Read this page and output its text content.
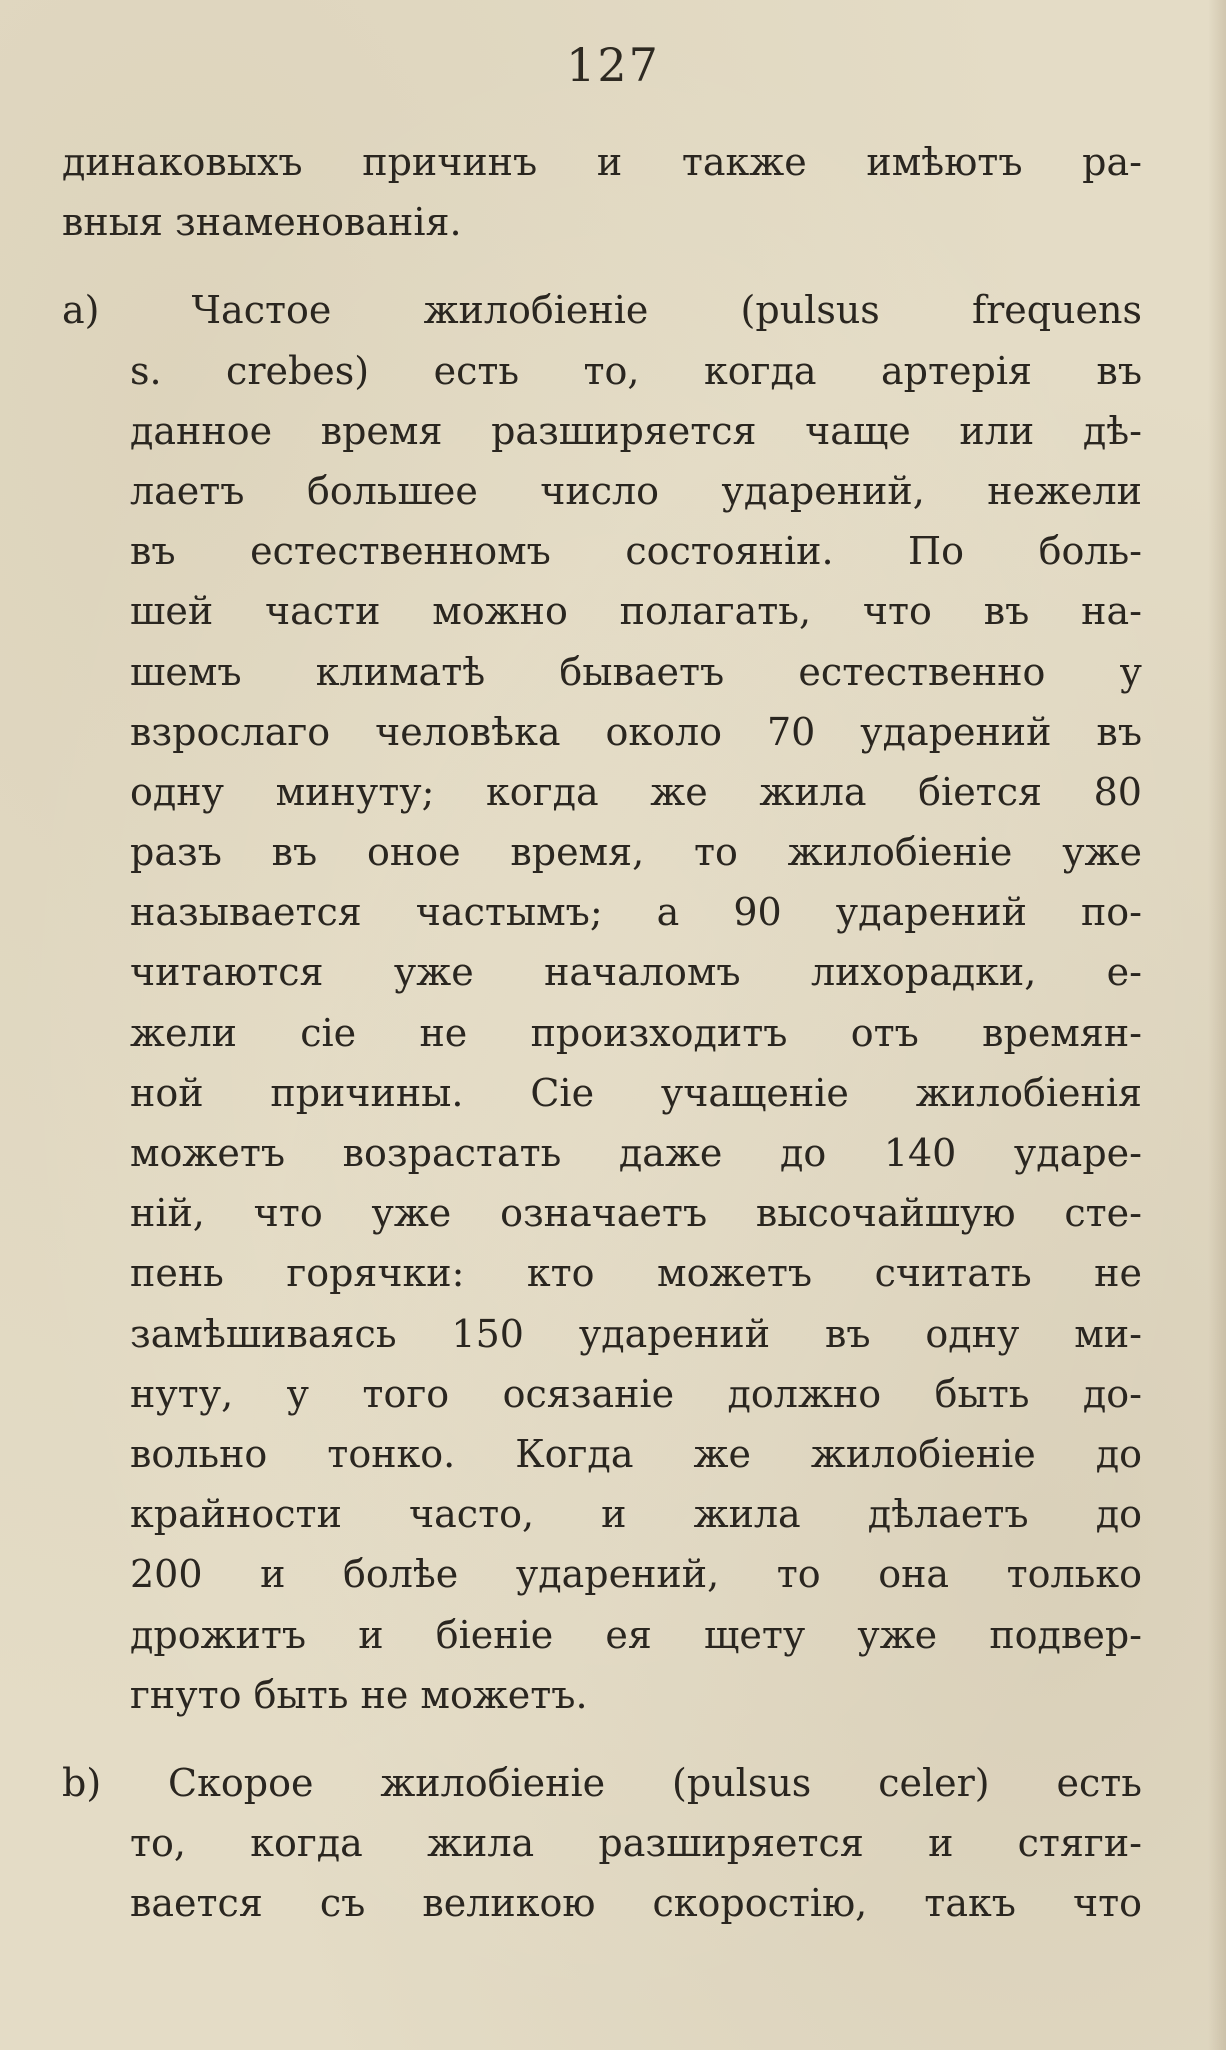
127
динаковыхъ причинъ и также имѣютъ ра-
вныя знаменованія.
a) Частое жилобіеніе (pulsus frequens
s. crebes) есть то, когда артерія въ
данное время разширяется чаще или дѣ-
лаетъ большее число ударений, нежели
въ естественномъ состояніи. По боль-
шей части можно полагать, что въ на-
шемъ климатѣ бываетъ естественно у
взрослаго человѣка около 70 ударений въ
одну минуту; когда же жила біется 80
разъ въ оное время, то жилобіеніе уже
называется частымъ; а 90 ударений по-
читаются уже началомъ лихорадки, е-
жели сіе не произходитъ отъ времян-
ной причины. Сіе учащеніе жилобіенія
можетъ возрастать даже до 140 ударе-
ній, что уже означаетъ высочайшую сте-
пень горячки: кто можетъ считать не
замѣшиваясь 150 ударений въ одну ми-
нуту, у того осязаніе должно быть до-
вольно тонко. Когда же жилобіеніе до
крайности часто, и жила дѣлаетъ до
200 и болѣе ударений, то она только
дрожитъ и біеніе ея щету уже подвер-
гнуто быть не можетъ.
b) Скорое жилобіеніе (pulsus celer) есть
то, когда жила разширяется и стяги-
вается съ великою скоростію, такъ что
